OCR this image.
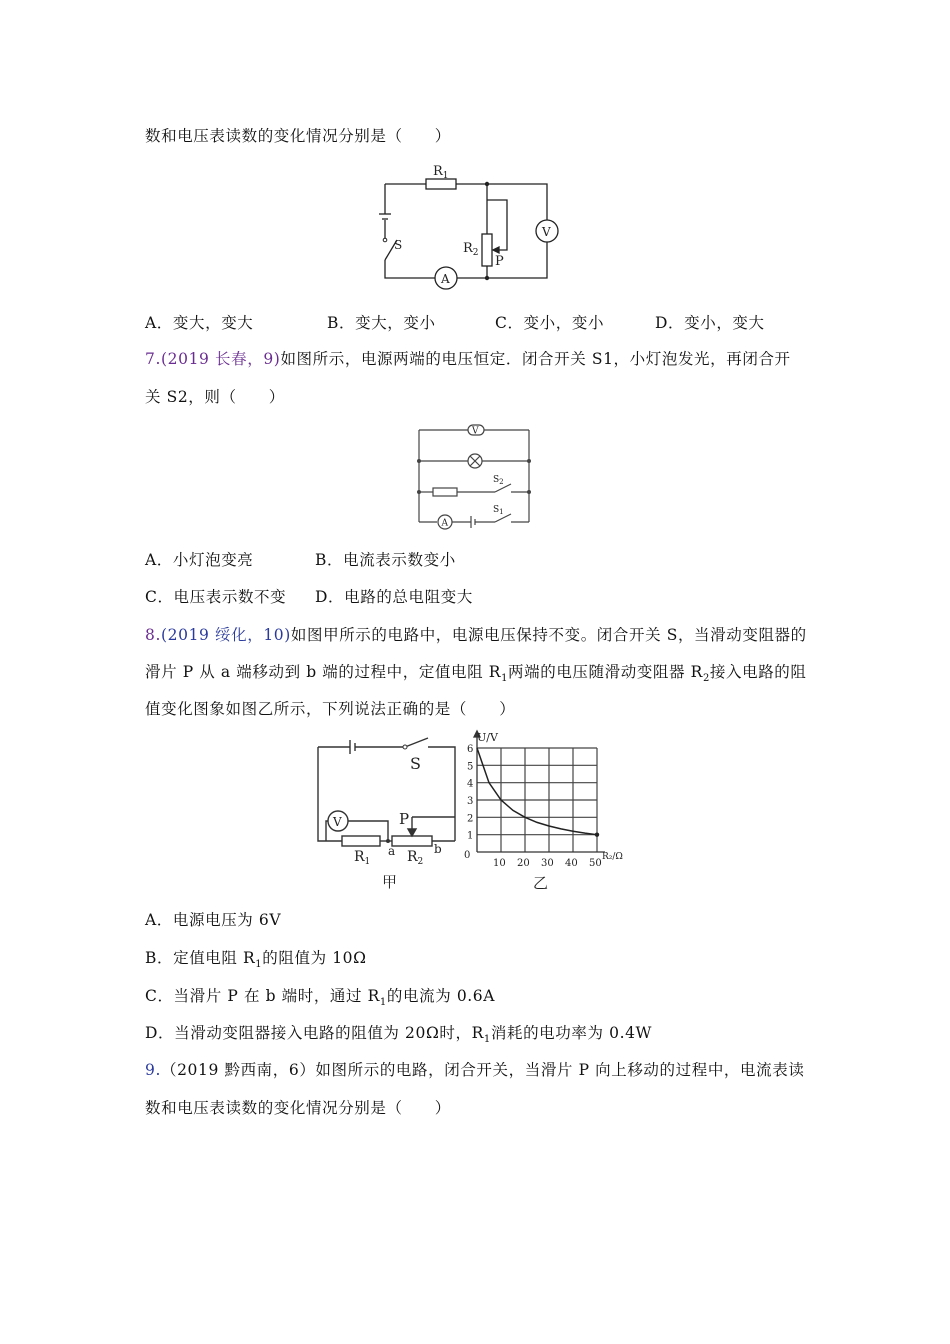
数和电压表读数的变化情况分别是（　　）
$R_1$
$R_2$
P
S
V
A
A．变大，变大	B．变大，变小	C．变小，变小	D．变小，变大
7.(2019 长春，9)如图所示，电源两端的电压恒定．闭合开关 S1，小灯泡发光，再闭合开
关 S2，则（　　）
V
A
$S_2$
$S_1$
A．小灯泡变亮	B．电流表示数变小
C．电压表示数不变 D．电路的总电阻变大
8.(2019 绥化，10)如图甲所示的电路中，电源电压保持不变。闭合开关 S，当滑动变阻器的
滑片 P 从 a 端移动到 b 端的过程中，定值电阻 $R_1$两端的电压随滑动变阻器 $R_2$接入电路的阻
值变化图象如图乙所示，下列说法正确的是（　　）
S
V	P
$R_1$	$R_2$
a	b
甲
1
2
3
4
5
6
10 20 30 40 50
U/V
R₂/Ω
0
乙
A．电源电压为 6V
B．定值电阻 $R_1$的阻值为 10Ω
C．当滑片 P 在 b 端时，通过 $R_1$的电流为 0.6A
D．当滑动变阻器接入电路的阻值为 20Ω时，$R_1$消耗的电功率为 0.4W
9.（2019 黔西南，6）如图所示的电路，闭合开关，当滑片 P 向上移动的过程中，电流表读
数和电压表读数的变化情况分别是（　　）
